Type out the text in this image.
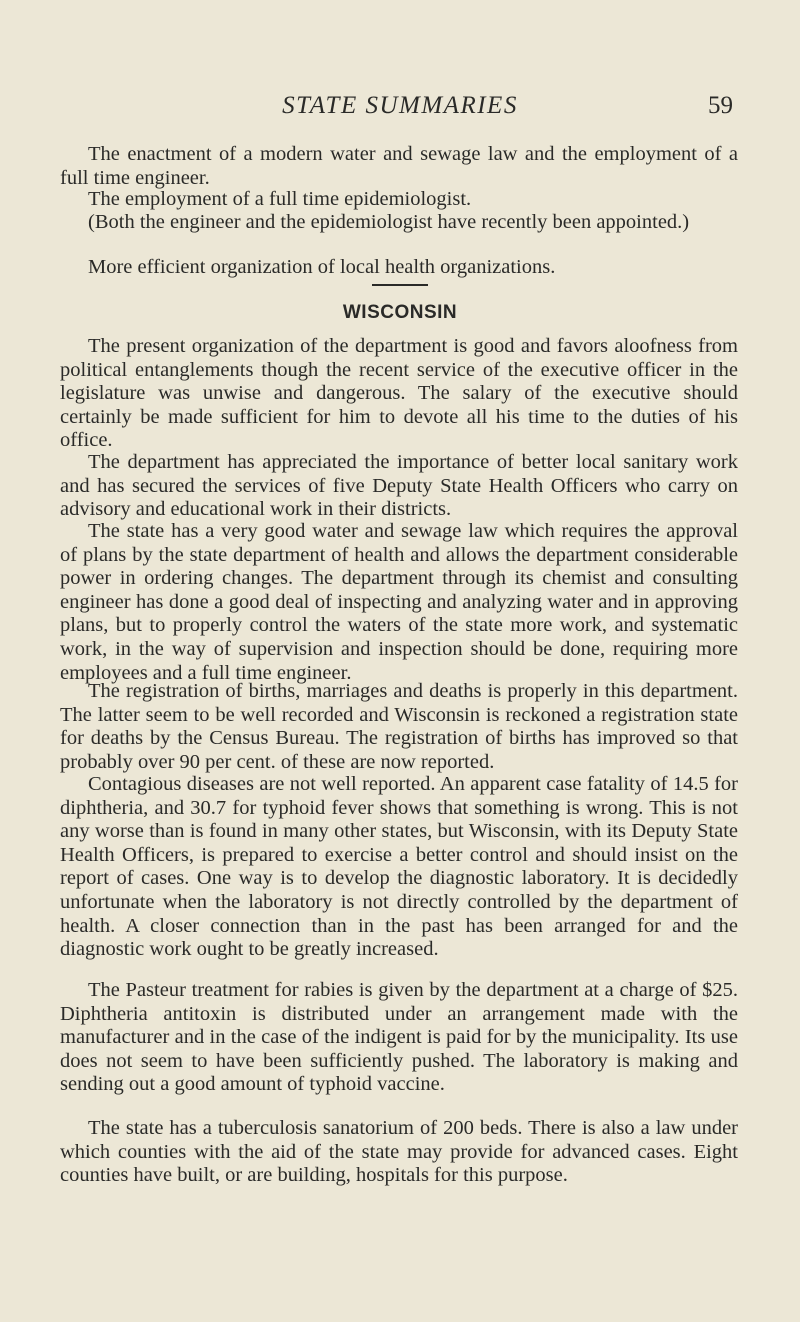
STATE SUMMARIES	59

The enactment of a modern water and sewage law and the employment of a full time engineer.

The employment of a full time epidemiologist.

(Both the engineer and the epidemiologist have recently been appointed.)

More efficient organization of local health organizations.

WISCONSIN

The present organization of the department is good and favors aloofness from political entanglements though the recent service of the executive officer in the legislature was unwise and dangerous. The salary of the executive should certainly be made sufficient for him to devote all his time to the duties of his office.

The department has appreciated the importance of better local sanitary work and has secured the services of five Deputy State Health Officers who carry on advisory and educational work in their districts.

The state has a very good water and sewage law which requires the approval of plans by the state department of health and allows the department considerable power in ordering changes. The department through its chemist and consulting engineer has done a good deal of inspecting and analyzing water and in approving plans, but to properly control the waters of the state more work, and systematic work, in the way of supervision and inspection should be done, requiring more employees and a full time engineer.

The registration of births, marriages and deaths is properly in this department. The latter seem to be well recorded and Wisconsin is reckoned a registration state for deaths by the Census Bureau. The registration of births has improved so that probably over 90 per cent. of these are now reported.

Contagious diseases are not well reported. An apparent case fatality of 14.5 for diphtheria, and 30.7 for typhoid fever shows that something is wrong. This is not any worse than is found in many other states, but Wisconsin, with its Deputy State Health Officers, is prepared to exercise a better control and should insist on the report of cases. One way is to develop the diagnostic laboratory. It is decidedly unfortunate when the laboratory is not directly controlled by the department of health. A closer connection than in the past has been arranged for and the diagnostic work ought to be greatly increased.

The Pasteur treatment for rabies is given by the department at a charge of $25. Diphtheria antitoxin is distributed under an arrangement made with the manufacturer and in the case of the indigent is paid for by the municipality. Its use does not seem to have been sufficiently pushed. The laboratory is making and sending out a good amount of typhoid vaccine.

The state has a tuberculosis sanatorium of 200 beds. There is also a law under which counties with the aid of the state may provide for advanced cases. Eight counties have built, or are building, hospitals for this purpose.
